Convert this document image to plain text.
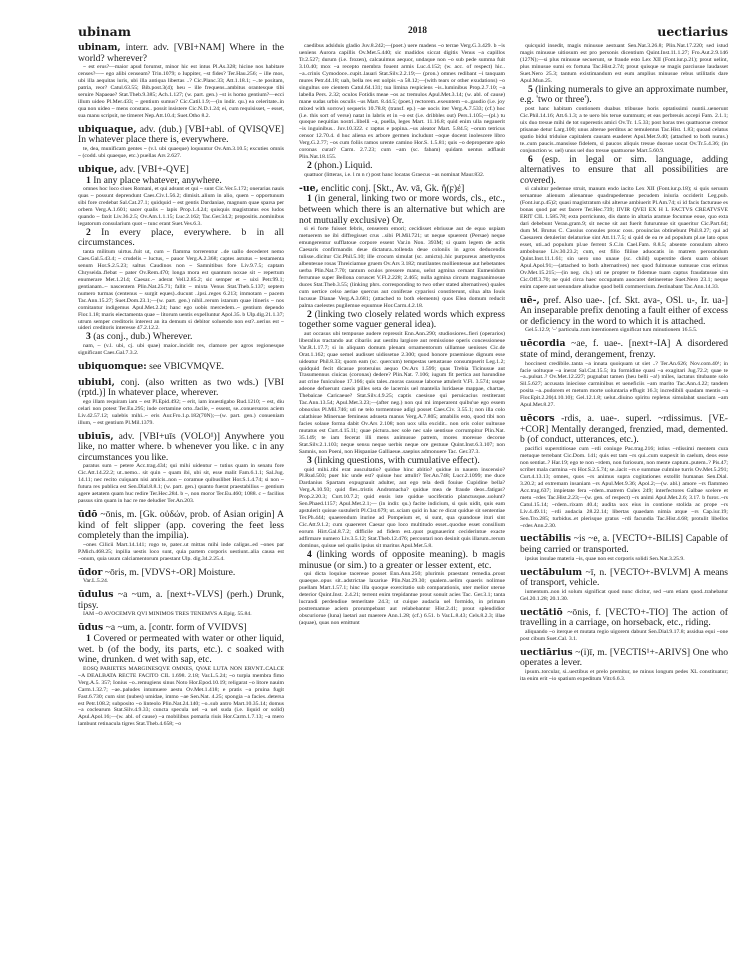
ubinam	2018	uectiarius
ubinam, interr. adv. [VBI+NAM] Where in the world? wherever?
~ est erus?—maior apud forumst, minor hic est intus Pl.As.328; hicine nos habitare censes?—~ ego alibi censeam? Trin.1079; o Iuppiter, ~st fides? Ter.Hau.256; ~ ille mos, ubi illa aequitas iuris, ubi illa antiqua libertas ..? Cic.Planc.33; Att.1.18.1; ~..te positam, patria, reor? Catul.63.55; Bib.post.3(4); heu ~ ille frequens..ambitus orantesque tibi seruire Napaeae? Stat.Theb.9.385; Ach.1.127; (w. part. gen.) ~st is homo gentium?—ecci illum uideo Pl.Mer.433; ~ gentium sumus? Cic.Catil.1.9;—(in indir. qu.) ea celeritate..in qua non uideo ~ mens constans.. possit insistere Cic.N.D.1.24; ei, cum requisisset, ~ esset, sua manu scripsit, ne timeret Nep.Att.10.4; Suet.Otho 8.2.
ubiquaque, adv. (dub.) [VBI+abl. of QVISQVE] In whatever place there is, everywhere.
te, dea, munificam gentes ~ (v.l. ubi quaeque) loquuntur Ov.Am.3.10.5; excuties omnis ~ (codd. ubi quaeque, etc.) puellas Ars 2.627.
ubique, adv. [VBI+-QVE]
1 In any place whatever, anywhere.
omnes hoc loco ciues Romani, et qui adsunt et qui ~ sunt Cic.Ver.5.172; onerarias nauis quas ~ possunt deprendunt Caes.Civ.1.56.2; dimisit..alium in alio, quem ~ opportunum sibi fore credebat Sal.Cat.27.1; quidquid ~ est gentis Dardaniae, magnum quae sparsa per orbem Verg.A.1.601; sacer qualis ~ lapis Prop.1.4.24; quisquis magistratus eos ludos quando ~ faxit Liv.36.2.5; Ov.Am.1.1.15; Luc.2.162; Tac.Ger.34.2; propositis..nominibus legatorum consularium quot ~ tunc erant Suet.Ves.6.3.
2 In every place, everywhere. b in all circumstances.
tanta militum uirtus..fuit ut, cum ~ flamma torrerentur ..de uallo decederet nemo Caes.Gal.5.43.4; ~ crudelis ~ luctus, ~ pauor Verg.A.2.368; captes astutus ~ testamenta senum Hor.S.2.5.23; saltus Caudinos non ~ Samnitibus fore Liv.9.7.5; captam Chryseida..flebat ~ pater Ov.Rem.470; longa mora est quantum noxae sit ~ repertum enumerare Met.1.214; Caesar..~ aderat Vell.2.85.2; sic semper et ~ uixi Petr.99.1; gentianam..~ nascentem Plin.Nat.25.71; fallit ~ mixta Venus Stat.Theb.5.137; septem numero turmas (centenus ~ surgit eques)..ducunt ..ipsi..reges 6.213; immotam ~ pacem Tac.Ann.15.27; Suet.Dom.23.1;—(w. part. gen.) nihil..rerum istarum quae itineris ~ nos comitantur indigemus Apul.Met.2.24; hanc ego uobis mercedem..~ gentium dependo Flor.1.18; maris eiectamenta quae ~ litorum uentis expelluntur Apol.35. b Ulp.dig.21.1.37; utrum semper creditoris interest an ita demum si debitor soluendo non est?..uerius est ~ uideri creditoris interesse 47.2.12.2.
3 (as conj., dub.) Wherever.
nam, ~ (v.l. ubi, cj. ubi quae) maior..incidit res, clamore per agros regionesque significant Caes.Gal.7.3.2.
ubiquomque: see VBICVMQVE.
ubiubi, conj. (also written as two wds.) [VBI (rptd.)] In whatever place, wherever.
ego illam requiram iam ~ est Pl.Epid.492; ~ erit, iam inuestigabo Rud.1210; ~ est, diu celari non potest Ter.Eu.295; inde certamine orto..facile, ~ essent, se..conuersuros aciem Liv.42.57.12; ualebis mihi..~ eris Aur.Fro.1.p.182(70N);—(w. part. gen.) conueniam illum, ~ est gentium Pl.Mil.1379.
ubiuīs, adv. [VBI+uīs (VOLO¹)] Anywhere you like, no matter where. b whenever you like. c in any circumstances you like.
paratus sum ~ petere Acc.trag.434; qui mihi uidentur ~ tutius quam in senatu fore Cic.Att.14.22.2; ut..nemo.. sit quin ~ quam ibi, ubi sit, esse malit Fam.6.1.1; Sal.Jug. 14.11; nec recito cuiquam nisi amicis..non ~ coramue quibuslibet Hor.S.1.4.74; si non ~ futura res publica est Sen.Dial.8.8.1; (w. part. gen.) quanto fuerat praestabilius ~ gentium agere aetatem quam huc redire Ter.Hec.284. b ~, non moror Ter.Eu.460; 1088. c ~ facilius passus sim quam in hac re me deludier Ter.An.203.
ūdō ~ōnis, m. [Gk. οὐδών, prob. of Asian origin] A kind of felt slipper (app. covering the feet less completely than the impilia).
~ones Cilicii Mart.14.141; rogo te, pater..ut mittas mihi inde caligas..ed ~ones par P.Mich.468.25; inpilia uestis loco sunt, quia partem corporis uestiunt..alia causa est ~onum, quia usum calciamentorum praestant Ulp. dig.34.2.25.4.
ūdor ~ōris, m. [VDVS+-OR] Moisture.
Var.L.5.24.
ūdulus ~a ~um, a. [next+-VLVS] (perh.) Drunk, tipsy.
IAM ~O AVOCEMVR QVI MINIMOS TRES TENEMVS A.Epig. 55.84.
ūdus ~a ~um, a. [contr. form of VVIDVS]
1 Covered or permeated with water or other liquid, wet. b (of the body, its parts, etc.). c soaked with wine, drunken. d wet with sap, etc.
EOSQ PARIETES MARGINESQVE OMNES, QVAE LUTA NON ERVNT..CALCE ~A DEALBATA RECTE FACITO CIL 1.698. 2.18; Var.L.5.24; ~o turpia membra fimo Verg.A.5. 357; Ionius ~o..remugiens sinus Noto Hor.Epod.10.19; religarat ~o litore nauim Carm.1.32.7; ~ae..paludes intumuere aestu Ov.Met.1.418; e pratis ~a pruina fugit Fast.6.730; cum sint (nubes) umidae, immo ~ae Sen.Nat. 4.25; spongia ~a facies..detersa est Petr.108.2; subposito ~o linteolo Plin.Nat.24.140; ~o..sub antro Mart.10.35.14; domus ~a coclearum Stat.Silv.4.9.33; cuncta specula uel ~a uel suda (i.e. liquid or solid) Apul.Apol.16;—(w. abl. of cause) ~a mobilibus pomaria riuis Hor.Carm.1.7.13; ~a mero lambunt retinacula tigres Stat.Theb.4.658; ~o
caedibus adsiduis gladio Juv.8.242;—(poet.) uere madens ~o terrae Verg.G.3.429. b ~is ueniens Aurora capillis Ov.Met.5.440; sic madidos siccat digitis Venus ~a capillos Tr.2.527; durum (i.e. frozen), calcauimus aequor, undaque non ~o sub pede summa fuit 3.10.40; mox ~a recepto membra fouent armis Luc.4.152; (w. acc. of respect) hic.. ~a..crinis Cymodoce..cupit..lauari Stat.Silv.2.2.19;— (pron.) omnes redibant ~i tanquam mures Petr.44.18; uah, bella res est uolpis ~a 58.12;—(with tears or other exudations) ~o singultus ore cientem Catul.64.131; tua limina respiciens ~is..luminibus Prop.2.7.10; ~a labella Pers. 2.32; oculos Fotidis meae ~os ac tremulos Apul.Met.3.14; (w. abl. of cause) mane sudas urbis osculis ~us Mart. 8.44.5; (poet.) rectorem..exeuntem ~o..gaudio (i.e. joy mixed with sorrow) sequeris 10.78.8; (transf. ep.) ~ae uocis iter Verg.A.7.533; (cf.) hoc (i.e. this sort of verse) natat in labris et in ~o est (i.e. dribbles out) Pers.1.105;—(pl.) tu quoque nequitias nostri..libelli ~a, puella, leges Mart. 11.16.8; quid enim ulla negauerit ~is inguinibus.. Juv.10.322. c raptus e popina..~us aleator Mart. 5.84.5; ~orum tetricus censor 12.70.4. d huc aliena ex arbore germen includunt ~oque docent inolescere libro Verg.G.2.77; ~os cum foliis ramos urente camino Hor.S. 1.5.81; quis ~o deproperare apio coronas curat? Carm. 2.7.23; cum ~am (sc. fabam) quidam uentus adflauit Plin.Nat.18.155.
2 (phon.) Liquid.
quattuor (litteras, i.e. l m n r) post hanc locatas Graecus ~as nominat Maur.832.
-ue, enclitic conj. [Skt., Av. vā, Gk. ἤ(ϝ)έ]
1 (in general, linking two or more words, cls., etc., between which there is an alternative but which are not mutually exclusive) Or.
si ei forte fuisset febris, censerem emori; cecidisset ebriusue aut de equo uspiam metuerem ne ibi diffregisset crus ..sibi Pl.Mil.721; ut neque spuerent (Persae) neque emungerentur sufflatoue corpore essent Var.in Non. 393M; si quam legem de actis Caesaris confirmandis deue dictatura..tollenda deue coloniis in agros deducendis tulisse..dicitur Cic.Phil.5.10; ille crocum simulat (sc. amictu)..hic purpureus amethystos albentesue rosas Threiciamue gruem Ov.Ars 3.182; mutilantes mollientesue aut hebetantes uerba Plin.Nat.7.70; tantum oculos pressere manu, uelut agmina cernant Eumenidum ferrumue super Bellona coruscet V.Fl.2.228; 2.465; nulla agmina circum magnanimosue duces Stat.Theb.3.55; (linking phrs. corresponding to two other stated alternatives) quales cum uertice celso aeriae quercus aut coniferae cyparissi constiterunt, silua alta Iouis lucusue Dianae Verg.A.3.681; (attached to both elements) quos Elea domum reducit palma caelestes pugilemue equumue Hor.Carm.4.2.18.
2 (linking two closely related words which express together some vaguer general idea).
aut occasus ubi tempusue audere repressit Enn.Ann.290; studiosiores..fieri (operarios) liberalius tractando aut cibariis aut uestitu largiore aut remissione operis concessioneue Var.R.1.17.7; si in aliquam domum plenam ornamentorum uillamue uenisses Cic.de Orat.1.162; quae semel audisset uidissetue 2.300; quod honore praemioue dignum esse uideatur Phil.8.33; quom eam (sc. quercum) tempestas uetustasue consumpserit Leg.1.2; quidquid fecit dicasue proteruius aequo Ov.Ars 1.599; quas Trebia Ticinusue aut Trasumennus ciuicas (coronas) dedere? Plin.Nat. 7.106; iugum fit pertica aut harundine aut crine funiculoue 17.166; quis tales..moras casusue laborue attulerit V.Fl. 3.574; usque adeone defuerunt caesis pilles seta de lacernis uel mantelia luridaeue mappae, chartae, Thebaicae Caricaeue? Stat.Silv.4.9.25; captis caesisue qui peruicacius restiterant Tac.Ann.13.54; Apul.Met.3.23;—(after neg.) non qui mi imperarent quibu'ue ego essem obnoxius Pl.Mil.746; uti ne telo tormentoue adigi posset Caes.Civ. 3.55.1; non illa colo calathisue Mineruae femineas adsueta manus Verg.A.7.805; amabilis esto, quod tibi non facies solaue forma dabit Ov.Ars 2.108; non uox ulla excidit.. non oris color uultusue mutatus est Curt.4.15.11; quae pictura..nec sole nec sale uentisue corrumpitur Plin.Nat. 35.149; te iam fecerat illi mens animusue patrem, mores moresue decorue Stat.Silv.2.1.103; neque sensu neque uerbis neque ore gestuue Quint.Inst.6.3.107; non Samnis, non Poeni, non Hispaniae Galliaeue..saepius admonuere Tac. Ger.37.3.
3 (linking questions, with cumulative effect).
quid mihi..tibi erat auscultatio? quidue hinc abitio? quidue in nauem inscensio? Pl.Rud.503; puer hic unde est? quisue huc attulit? Ter.An.748; Lucr.2.1099; me duce Dardanius Spartam expugnauit adulter, aut ego tela dedi fouiue Cupidine bella? Verg.A.10.93; quid fles..tristis Andromacha? quidue mea de fraude deos..fatigas? Prop.2.20.3; Curt.10.7.2; quid ensis iste quidue uociferatio planctusque..uolunt? Sen.Phaed.1157; Apul.Met.2.1;— (in indir. qu.) facite indicium, si quis uidit, quis eam apstulerit quisue sustulerit Pl.Cist.679; ut..sciam quid in hac re dicat quidue sit sententiae Ter.Ph.444; quaerendum iturine ad Pompeium et, si sunt, qua quandoue ituri sint Cic.Att.9.1.2; cum quaereret Caesar quo loco multitudo esset..quodue esset consilium eorum Hirt.Gal.8.7.2; difficile ad fidem est..quot pugnauerint ceciderintue exacte adfirmare numero Liv.3.5.12; Stat.Theb.12.476; percontari non desinit quis illarum..rerum dominus, quisue uel qualis ipsius sit maritus Apul.Met.5.8.
4 (linking words of opposite meaning). b magis minusue (or sim.) to a greater or lesser extent, etc.
qui dicta loquiue tacereue posset Enn.Ann.250; plurimis praestant remedia..prout quaeque..opus sit..adstrictae laxariue Plin.Nat.29.30; qualem..uelim quaeris nolimue puellam Mart.1.57.1; hinc illa quoque exercitatio sub comparationis, uter melior uterue deterior Quint.Inst. 2.4.21; terrent enim trepidantue prout sonuit acies Tac. Ger.3.1; tanta lucrandi perdendiue temeritate 24.3; ut cuique audacia uel formido, in primam postremamue aciem prorumpebant aut relabebantur Hist.2.41; prout splendidior obscuriorue (luna) laetari aut maerere Ann.1.28; (cf.) 6.51. b Var.L.8.43; Cels.8.2.3; illae (aquae), quas non emittunt
quicquid insedit, magis minusue aestuant Sen.Nat.3.26.8; Plin.Nat.17.220; sed istud magis minusue uitiosum est pro personis dicentium Quint.Inst.11.1.27; Fro.Aut.2.9.146 (127N);—si plus minusue secuerunt, se fraude esto Lex XII (Font.iur.p.21); prout uelint, plus minusue sumi ex fortuna Tac.Hist.2.74; prout quisque se magis parciusue laudasset Suet.Nero 25.3; tantum existimandum est eum amplius minusue rebus utilitatis dare Apul.Mun.25.
5 (linking numerals to give an approximate number, e.g. 'two or three').
post hanc habitam contionem duabus tribusue horis optatissimi nuntii..uenerunt Cic.Phil.14.16; Att.6.1.3; a te uero bis terue summum; et eas perbreuis accepi Fam. 2.1.1; uix duo tresue mihi de tot superestis amici Ov.Tr. 1.5.33; post horas tres quattuorue cremor ptisanae detur Larg.100; unus alterue perditus ac temulentus Tac.Hist. 1.83; quoad celatus spatio bidui triduiue capitalem causam euaderet Apul.Met.9.40; (attached to both nums.) te..cum paucis..mansisse fidelem, si paucos aliquis tresue duosue uocat Ov.Tr.5.4.36; (in conjunction w. uel) unus uel duo tresue quattuorue Mart.5.60.9.
6 (esp. in legal or sim. language, adding alternatives to ensure that all possibilities are covered).
si caluitur pedemue struit, manum endo iacito Lex XII (Font.iur.p.18); si quis seruum seruamue alienum alienamue quadrupedemue pecudem iniuria occiderit Leg.pub. (Font.iur.p.45)2; quasi magistratum sibi alterue ambiuerit Pl.Am.74; si id facis facturaue es bonas quod par est facere Ter.Hec.739; IIVIR QVEI EX H L FACTVS CREATVSVE ERIT CIL 1.585.78; exta porriciunto, dis danto in altaria aramue focumue eoue, quo exta dari debebunt Veran.gram.9; sit necne sit aut fuerit futurumue sit quaeritur Cic.Part.64; dum M. Brutus C. Cassius consules prouc coss. prouincias obtinebunt Phil.8.27; qui ad Caesarem detulerint delaturiue sint Att.11.7.5; si quid de ea re ad populum pl.ue lato opus esset, uti..ad populum pl.ue ferrent S.C.in Cael.Fam. 8.8.5; absente consulum altero ambobusue Liv.30.23.2; cum, est filio filiiue aduocatis in matrem perorandum Quint.Inst.11.1.61; sin uero uno unaue (sc. child) superstite diem suam obisset Apul.Apol.91;—(attached to both alternatives) nec quod fuimusue sumusue cras erimus Ov.Met.15.215;—(in neg. cls.) uti ne propter te fidemue tuam captus fraudatusue sim Cic.Off.3.70; ne quid circa haec occupatum auocaret detineretue Suet.Nero 23.1; neque enim capere aut uenundare aliudue quod belli commercium..festinabant Tac.Ann.14.33.
uē-, pref. Also uae-. [cf. Skt. ava-, OSl. u-, Ir. ua-] An inseparable prefix denoting a fault either of excess or deficiency in the word to which it is attached.
Gel.5.12.9; '~' particula..tum intentionem significat tum minutionem 16.5.5.
uēcordia ~ae, f. uae-. [next+-IA] A disordered state of mind, derangement, frenzy.
hoccinest credibile..tanta ~a innata quoiquam ut siet ..? Ter.An.626; Nov.com.40¹; in facie uoltuque ~a inerat Sal.Cat.15.5; ita formidine quasi ~a exagitari Jug.72.2; quae te ~a..pulsat..? Ov.Met.12.227; pugnabat tamen (heu belli ~a!) miles, iactatus titubante solo Sil.5.627; accusata iniecisse carminibus et ueneficiis ~am marito Tac.Ann.4.22; tandem posita ~a..pudorem et metum morte uoluntaria effugit 16.3; incredibili quadam mentis ~a Flor.Epit.2.20(4.10.10); Gel.12.1.8; uelut..diuino spiritu repletus simulabat sauciam ~am Apul.Met.8.27.
uēcors -rdis, a. uae-. superl. ~rdissimus. [VE-+COR] Mentally deranged, frenzied, mad, demented. b (of conduct, utterances, etc.).
pacifici superstitiosae cum ~rdi coniuge Pac.trag.216; istius ~rdissimi mentem cura metuque terrebant Cic.Dom. 141; quis est tam ~rs qui..cum suspexit in caelum, deos esse non sentiat..? Har.19; ego te non ~rdem, non furiosum, non mente captum..putem..? Pis.47; scribet mala carmina ~rs Hor.S.2.5.74; se..iacit ~rs e summae culmine turris Ov.Met.5.291; Curt.4.13.13; omnes, quos ~rs animus supra cogitationes extollit humanas Sen.Dial. 3.20.2; ad extremam insaniam ~rs Apul.Met.9.36; Apol.2;—(w. abl.) amore ~rs flammeo Acc.trag.637; impietate fera ~rdem..matrem Culex 249; interfectores Galbae scelere et metu ~rdes Tac.Hist.2.23;—(w. gen. of respect) ~rs animi Apul.Met.2.6; 3.17. b furor..~rs Catul.15.14; ~rdem..rixam 40.4; audita uox eius in contione stolida ac prope ~rs Liv.4.49.11; ~rdi audacia 28.22.14; libertas quaedam nimia atque ~rs Cap.iur.19; Sen.Tro.285; turbidus..et plerisque gratus ~rdi facundia Tac.Hist.4.68; protulit libellos ~rdes Ann.2.30.
uectābilis ~is ~e, a. [VECTO+-BILIS] Capable of being carried or transported.
ipsius insulae materia ~is, quae non est corporis solidi Sen.Nat.3.25.9.
uectābulum ~ī, n. [VECTO+-BVLVM] A means of transport, vehicle.
iumentum..non id solum significat quod nunc dicitur, sed ~um etiam quod..trahebatur Gel.20.1.28; 20.1.30.
uectātiō ~ōnis, f. [VECTO+-TIO] The action of travelling in a carriage, on horseback, etc., riding.
aliquando ~o iterque et mutata regio uigorem dabunt Sen.Dial.9.17.8; assidua equi ~one post cibum Suet.Cal. 3.1.
uectiārius ~(i)ī, m. [VECTIS¹+-ARIVS] One who operates a lever.
ipsum..torcular, si..uectibus et prelo premitur, ne minus longum pedes XL constituatur; ita enim erit ~io spatium expeditum Vitr.6.6.3.
